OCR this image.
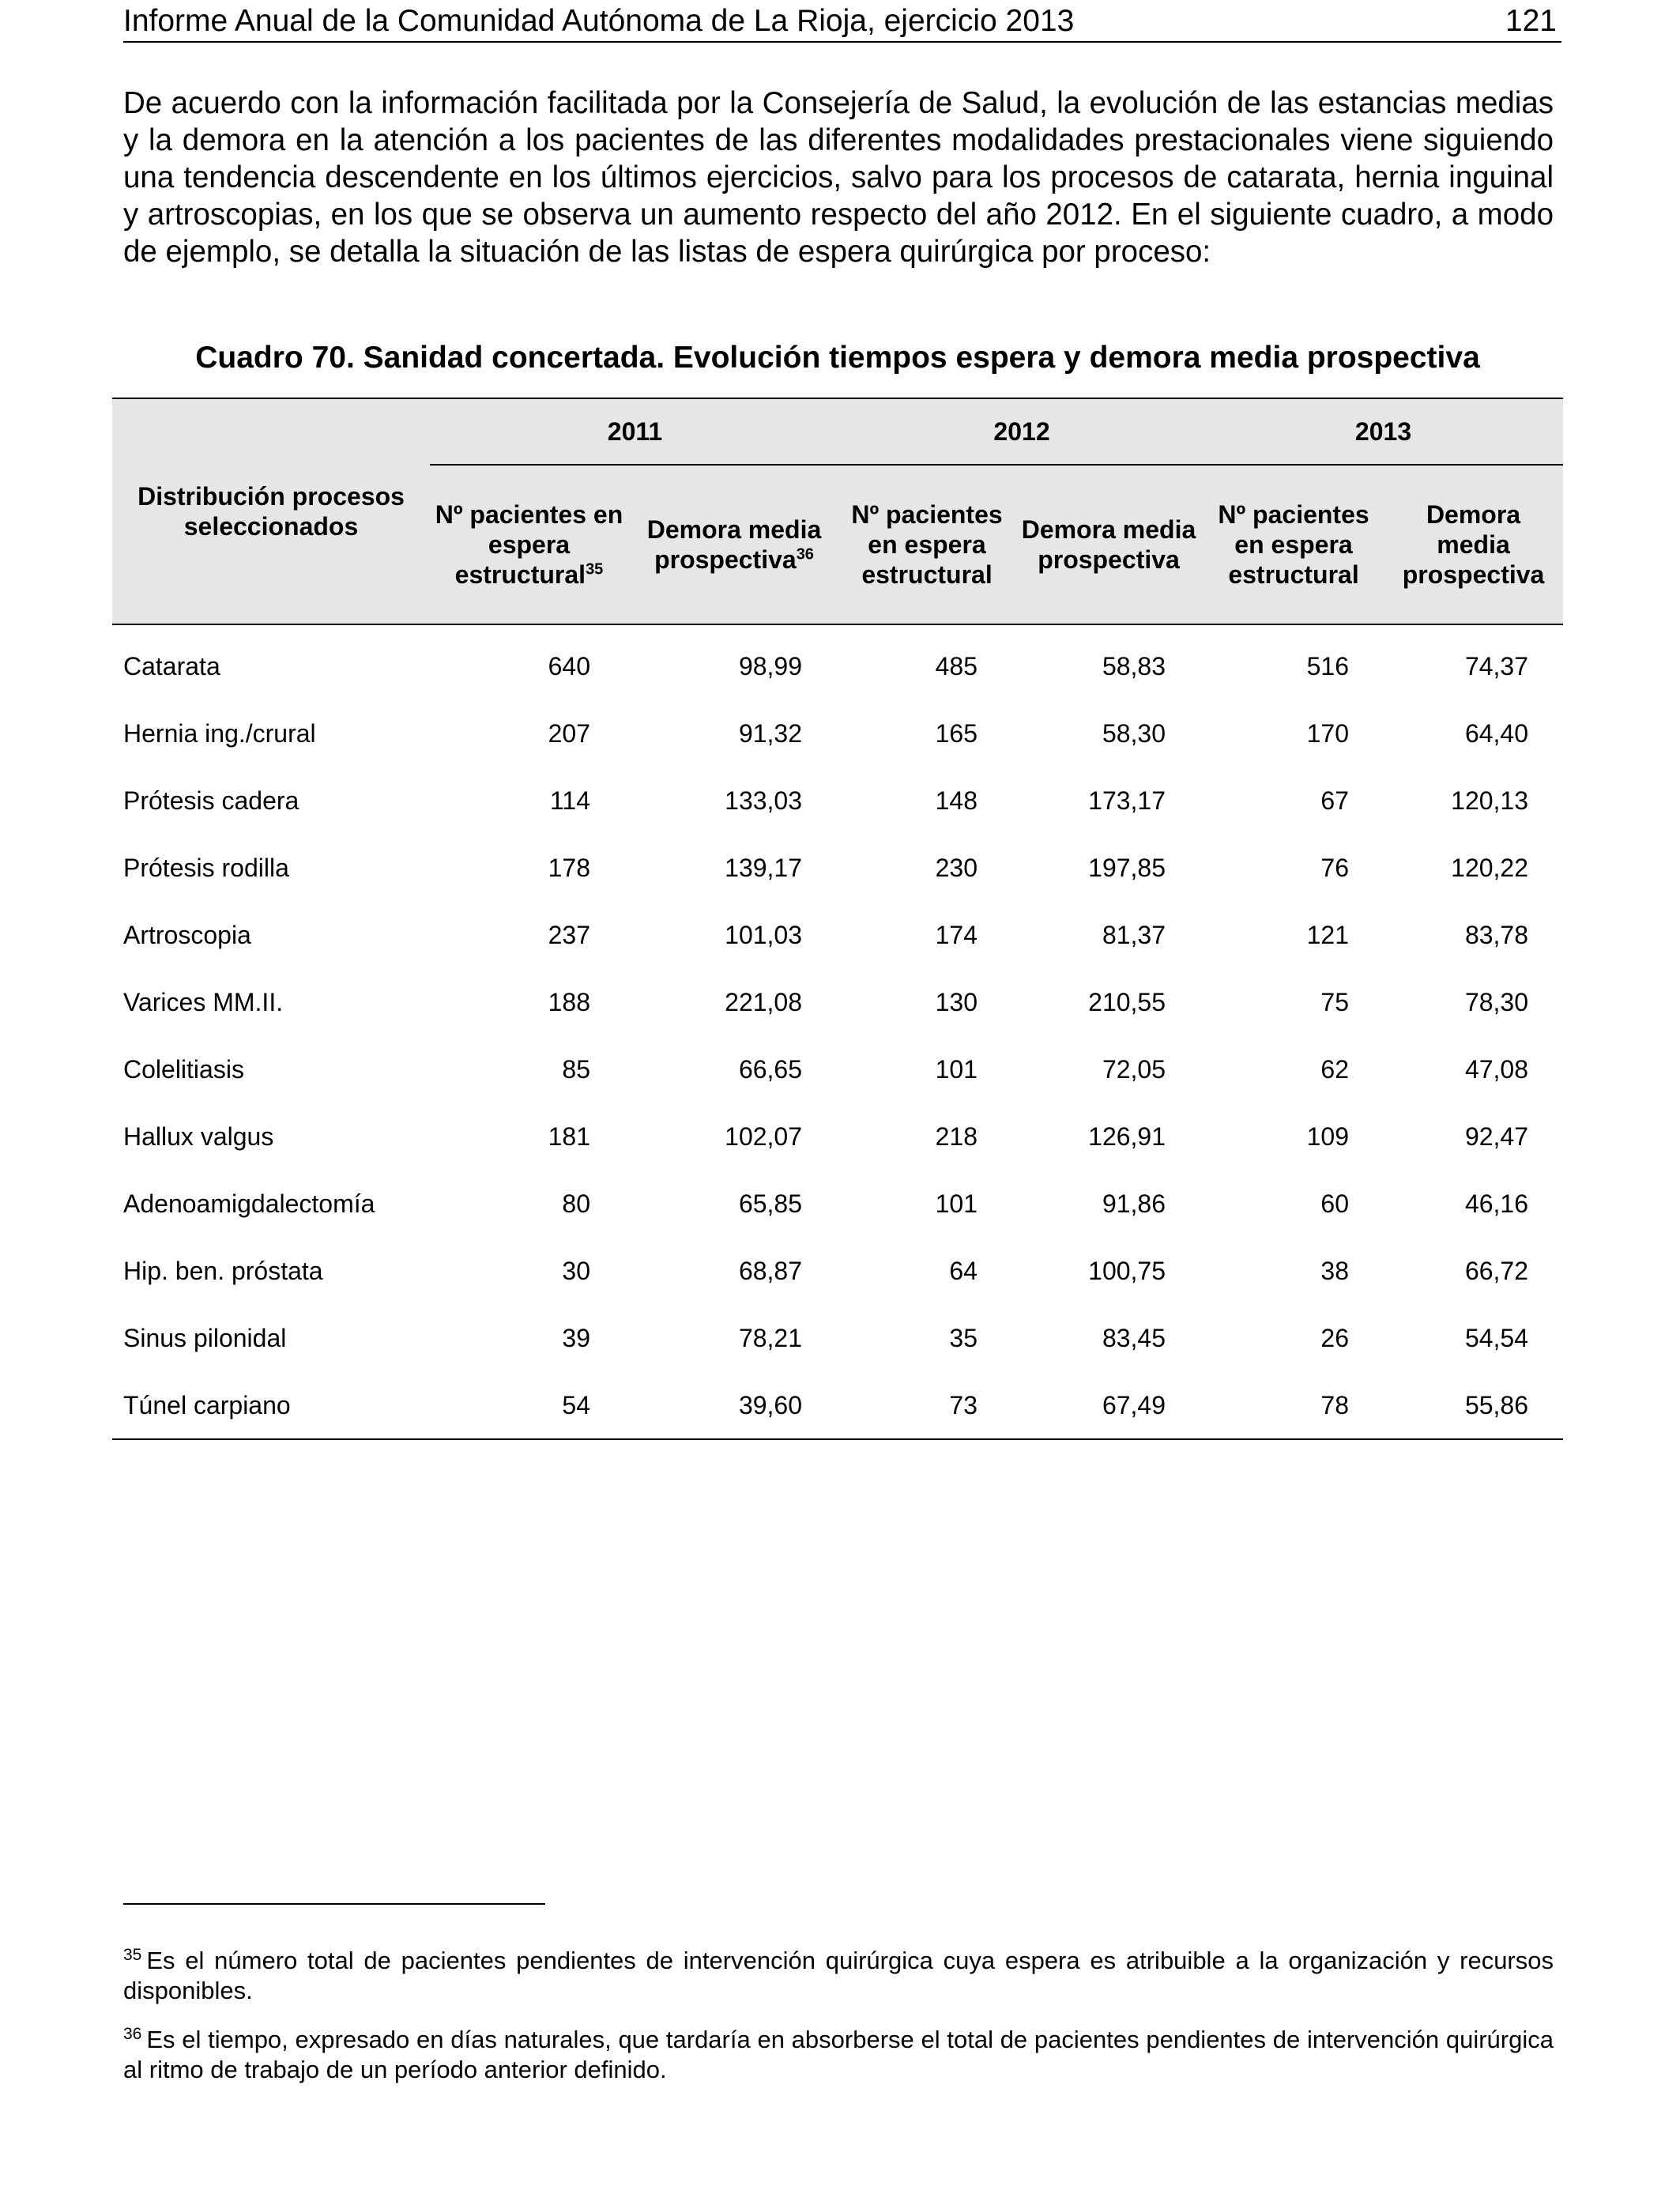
Informe Anual de la Comunidad Autónoma de La Rioja, ejercicio 2013	121

De acuerdo con la información facilitada por la Consejería de Salud, la evolución de las estancias medias y la demora en la atención a los pacientes de las diferentes modalidades prestacionales viene siguiendo una tendencia descendente en los últimos ejercicios, salvo para los procesos de catarata, hernia inguinal y artroscopias, en los que se observa un aumento respecto del año 2012. En el siguiente cuadro, a modo de ejemplo, se detalla la situación de las listas de espera quirúrgica por proceso:

Cuadro 70. Sanidad concertada. Evolución tiempos espera y demora media prospectiva
Distribución procesos seleccionados	2011		2012		2013	
	Nº pacientes en espera estructural$^{35}$	Demora media prospectiva$^{36}$	Nº pacientes en espera estructural	Demora media prospectiva	Nº pacientes en espera estructural	Demora media prospectiva
Catarata	640	98,99	485	58,83	516	74,37
Hernia ing./crural	207	91,32	165	58,30	170	64,40
Prótesis cadera	114	133,03	148	173,17	67	120,13
Prótesis rodilla	178	139,17	230	197,85	76	120,22
Artroscopia	237	101,03	174	81,37	121	83,78
Varices MM.II.	188	221,08	130	210,55	75	78,30
Colelitiasis	85	66,65	101	72,05	62	47,08
Hallux valgus	181	102,07	218	126,91	109	92,47
Adenoamigdalectomía	80	65,85	101	91,86	60	46,16
Hip. ben. próstata	30	68,87	64	100,75	38	66,72
Sinus pilonidal	39	78,21	35	83,45	26	54,54
Túnel carpiano	54	39,60	73	67,49	78	55,86
$^{35}$ Es el número total de pacientes pendientes de intervención quirúrgica cuya espera es atribuible a la organización y recursos disponibles.
$^{36}$ Es el tiempo, expresado en días naturales, que tardaría en absorberse el total de pacientes pendientes de intervención quirúrgica al ritmo de trabajo de un período anterior definido.
